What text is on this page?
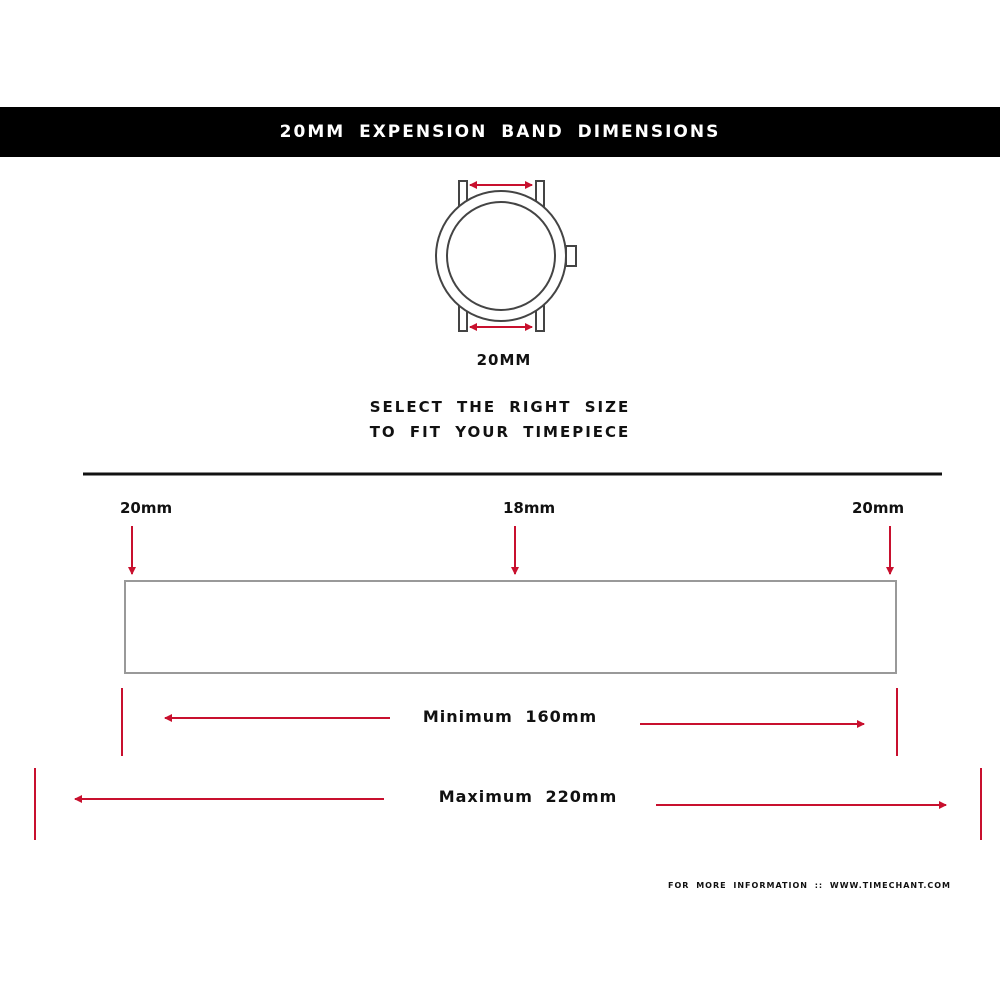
20MM EXPENSION BAND DIMENSIONS
20MM
SELECT THE RIGHT SIZE
TO FIT YOUR TIMEPIECE
20mm	18mm	20mm
Minimum 160mm
Maximum 220mm
FOR MORE INFORMATION :: WWW.TIMECHANT.COM
